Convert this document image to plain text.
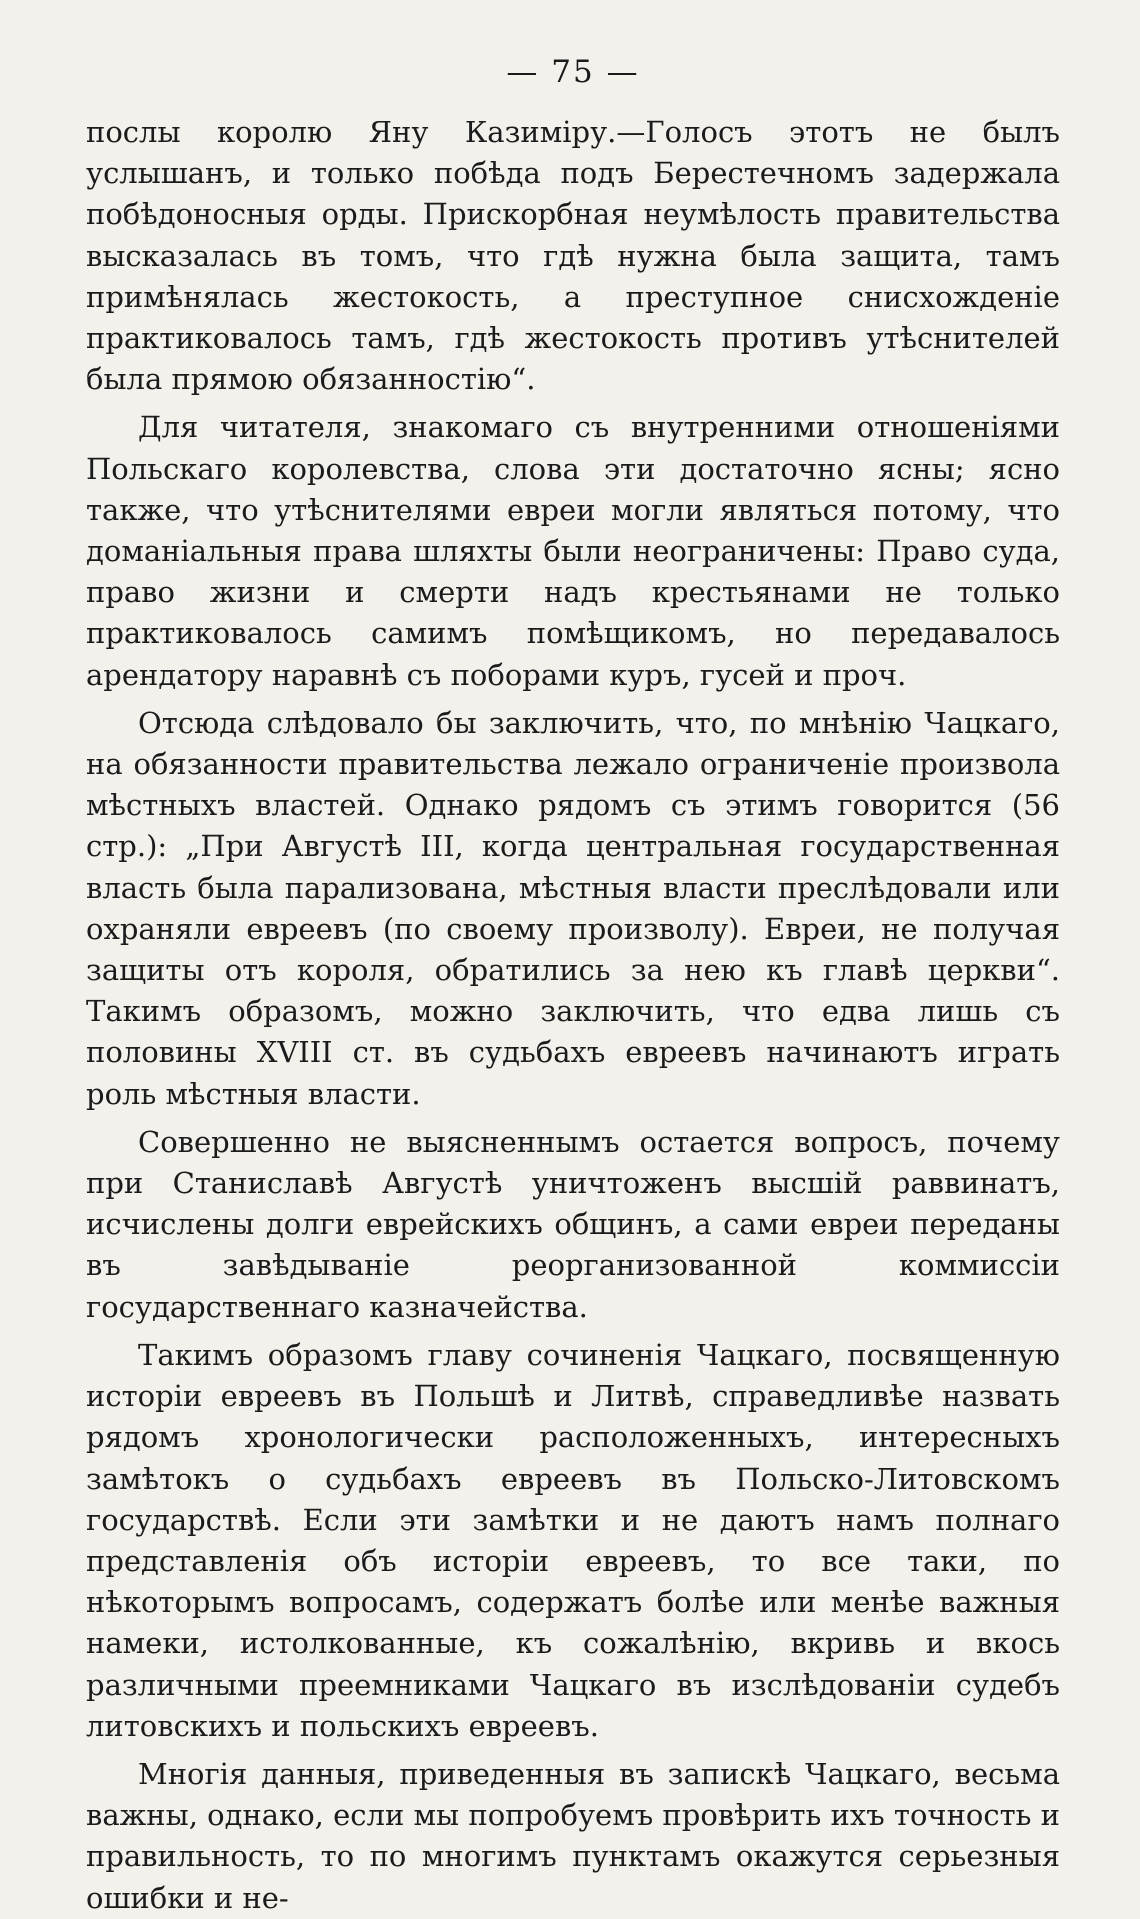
— 75 —

послы королю Яну Казиміру.—Голосъ этотъ не былъ услышанъ, и только побѣда подъ Берестечномъ задержала побѣдоносныя орды. Прискорбная неумѣлость правительства высказалась въ томъ, что гдѣ нужна была защита, тамъ примѣнялась жестокость, а преступное снисхожденіе практиковалось тамъ, гдѣ жестокость противъ утѣснителей была прямою обязанностію“.

Для читателя, знакомаго съ внутренними отношеніями Польскаго королевства, слова эти достаточно ясны; ясно также, что утѣснителями евреи могли являться потому, что доманіальныя права шляхты были неограничены: Право суда, право жизни и смерти надъ крестьянами не только практиковалось самимъ помѣщикомъ, но передавалось арендатору наравнѣ съ поборами куръ, гусей и проч.

Отсюда слѣдовало бы заключить, что, по мнѣнію Чацкаго, на обязанности правительства лежало ограниченіе произвола мѣстныхъ властей. Однако рядомъ съ этимъ говорится (56 стр.): „При Августѣ III, когда центральная государственная власть была парализована, мѣстныя власти преслѣдовали или охраняли евреевъ (по своему произволу). Евреи, не получая защиты отъ короля, обратились за нею къ главѣ церкви“. Такимъ образомъ, можно заключить, что едва лишь съ половины XVIII ст. въ судьбахъ евреевъ начинаютъ играть роль мѣстныя власти.

Совершенно не выясненнымъ остается вопросъ, почему при Станиславѣ Августѣ уничтоженъ высшій раввинатъ, исчислены долги еврейскихъ общинъ, а сами евреи переданы въ завѣдываніе реорганизованной коммиссіи государственнаго казначейства.

Такимъ образомъ главу сочиненія Чацкаго, посвященную исторіи евреевъ въ Польшѣ и Литвѣ, справедливѣе назвать рядомъ хронологически расположенныхъ, интересныхъ замѣтокъ о судьбахъ евреевъ въ Польско-Литовскомъ государствѣ. Если эти замѣтки и не даютъ намъ полнаго представленія объ исторіи евреевъ, то все таки, по нѣкоторымъ вопросамъ, содержатъ болѣе или менѣе важныя намеки, истолкованные, къ сожалѣнію, вкривь и вкось различными преемниками Чацкаго въ изслѣдованіи судебъ литовскихъ и польскихъ евреевъ.

Многія данныя, приведенныя въ запискѣ Чацкаго, весьма важны, однако, если мы попробуемъ провѣрить ихъ точность и правильность, то по многимъ пунктамъ окажутся серьезныя ошибки и не-
